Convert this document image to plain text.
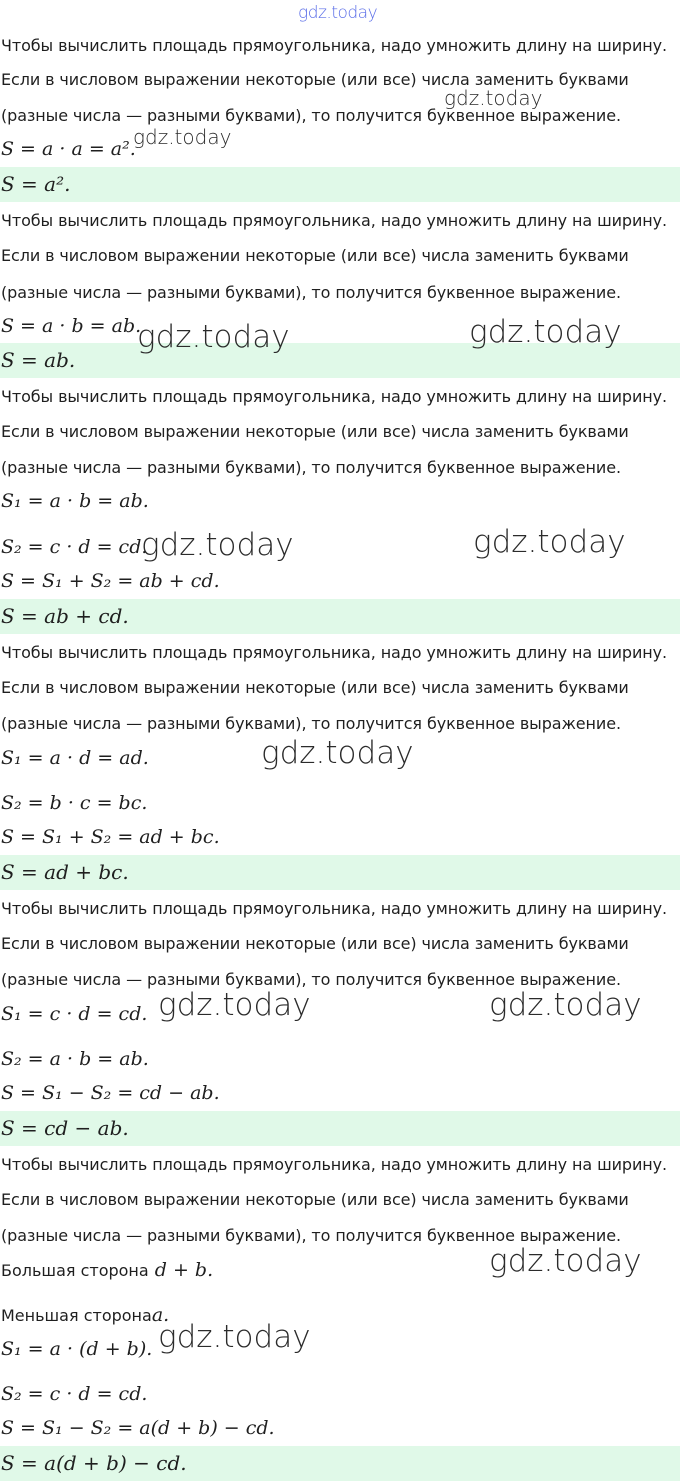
gdz.today
Чтобы вычислить площадь прямоугольника, надо умножить длину на ширину.
Если в числовом выражении некоторые (или все) числа заменить буквами
(разные числа — разными буквами), то получится буквенное выражение.
S = a · a = a².
S = a².
Чтобы вычислить площадь прямоугольника, надо умножить длину на ширину.
Если в числовом выражении некоторые (или все) числа заменить буквами
(разные числа — разными буквами), то получится буквенное выражение.
S = a · b = ab.
S = ab.
Чтобы вычислить площадь прямоугольника, надо умножить длину на ширину.
Если в числовом выражении некоторые (или все) числа заменить буквами
(разные числа — разными буквами), то получится буквенное выражение.
S₁ = a · b = ab.
S₂ = c · d = cd.
S = S₁ + S₂ = ab + cd.
S = ab + cd.
Чтобы вычислить площадь прямоугольника, надо умножить длину на ширину.
Если в числовом выражении некоторые (или все) числа заменить буквами
(разные числа — разными буквами), то получится буквенное выражение.
S₁ = a · d = ad.
S₂ = b · c = bc.
S = S₁ + S₂ = ad + bc.
S = ad + bc.
Чтобы вычислить площадь прямоугольника, надо умножить длину на ширину.
Если в числовом выражении некоторые (или все) числа заменить буквами
(разные числа — разными буквами), то получится буквенное выражение.
S₁ = c · d = cd.
S₂ = a · b = ab.
S = S₁ − S₂ = cd − ab.
S = cd − ab.
Чтобы вычислить площадь прямоугольника, надо умножить длину на ширину.
Если в числовом выражении некоторые (или все) числа заменить буквами
(разные числа — разными буквами), то получится буквенное выражение.
Большая сторона d + b.
Меньшая сторонаa.
S₁ = a · (d + b).
S₂ = c · d = cd.
S = S₁ − S₂ = a(d + b) − cd.
S = a(d + b) − cd.
gdz.today
gdz.today
gdz.today	gdz.today
gdz.today	gdz.today
gdz.today
gdz.today	gdz.today
gdz.today
gdz.today
